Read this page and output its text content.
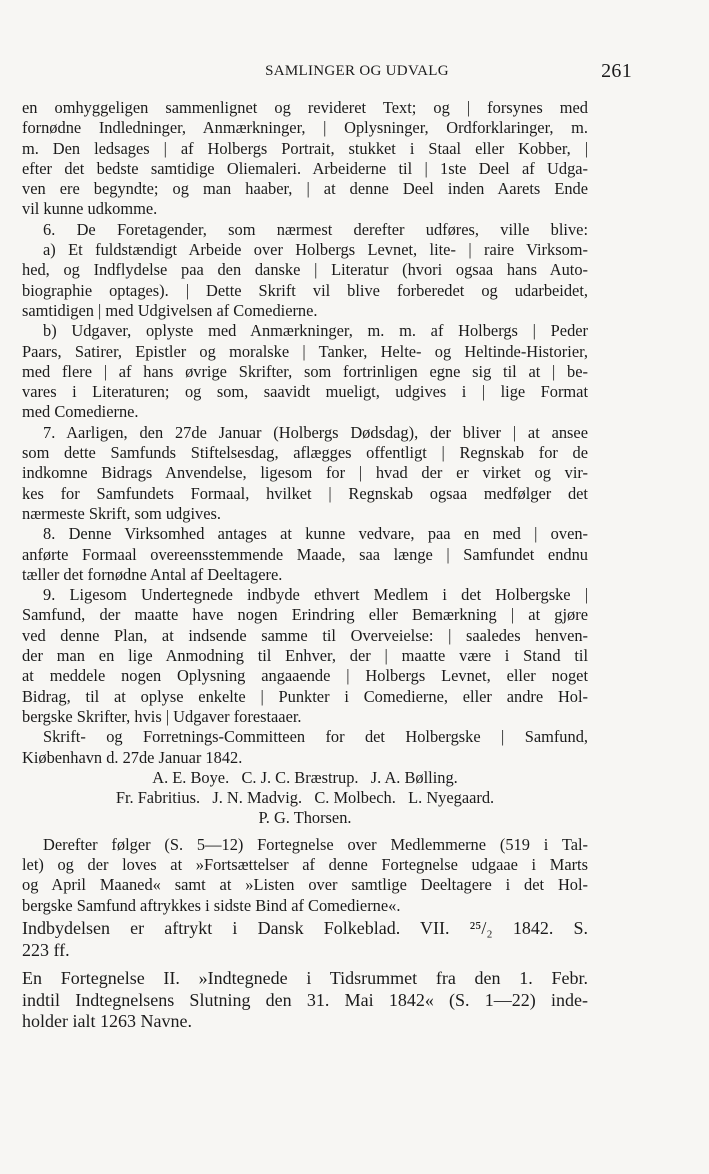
SAMLINGER OG UDVALG	261
en omhyggeligen sammenlignet og revideret Text; og | forsynes med
fornødne Indledninger, Anmærkninger, | Oplysninger, Ordforklaringer, m.
m. Den ledsages | af Holbergs Portrait, stukket i Staal eller Kobber, |
efter det bedste samtidige Oliemaleri. Arbeiderne til | 1ste Deel af Udga-
ven ere begyndte; og man haaber, | at denne Deel inden Aarets Ende
vil kunne udkomme.
6. De Foretagender, som nærmest derefter udføres, ville blive:
a) Et fuldstændigt Arbeide over Holbergs Levnet, lite- | raire Virksom-
hed, og Indflydelse paa den danske | Literatur (hvori ogsaa hans Auto-
biographie optages). | Dette Skrift vil blive forberedet og udarbeidet,
samtidigen | med Udgivelsen af Comedierne.
b) Udgaver, oplyste med Anmærkninger, m. m. af Holbergs | Peder
Paars, Satirer, Epistler og moralske | Tanker, Helte- og Heltinde-Historier,
med flere | af hans øvrige Skrifter, som fortrinligen egne sig til at | be-
vares i Literaturen; og som, saavidt mueligt, udgives i | lige Format
med Comedierne.
7. Aarligen, den 27de Januar (Holbergs Dødsdag), der bliver | at ansee
som dette Samfunds Stiftelsesdag, aflægges offentligt | Regnskab for de
indkomne Bidrags Anvendelse, ligesom for | hvad der er virket og vir-
kes for Samfundets Formaal, hvilket | Regnskab ogsaa medfølger det
nærmeste Skrift, som udgives.
8. Denne Virksomhed antages at kunne vedvare, paa en med | oven-
anførte Formaal overeensstemmende Maade, saa længe | Samfundet endnu
tæller det fornødne Antal af Deeltagere.
9. Ligesom Undertegnede indbyde ethvert Medlem i det Holbergske |
Samfund, der maatte have nogen Erindring eller Bemærkning | at gjøre
ved denne Plan, at indsende samme til Overveielse: | saaledes henven-
der man en lige Anmodning til Enhver, der | maatte være i Stand til
at meddele nogen Oplysning angaaende | Holbergs Levnet, eller noget
Bidrag, til at oplyse enkelte | Punkter i Comedierne, eller andre Hol-
bergske Skrifter, hvis | Udgaver forestaaer.
Skrift- og Forretnings-Committeen for det Holbergske | Samfund,
Kiøbenhavn d. 27de Januar 1842.
A. E. Boye.   C. J. C. Bræstrup.   J. A. Bølling.
Fr. Fabritius.   J. N. Madvig.   C. Molbech.   L. Nyegaard.
P. G. Thorsen.
Derefter følger (S. 5—12) Fortegnelse over Medlemmerne (519 i Tal-
let) og der loves at »Fortsættelser af denne Fortegnelse udgaae i Marts
og April Maaned« samt at »Listen over samtlige Deeltagere i det Hol-
bergske Samfund aftrykkes i sidste Bind af Comedierne«.
Indbydelsen er aftrykt i Dansk Folkeblad. VII. ²⁵/₂ 1842. S.
223 ff.
En Fortegnelse II. »Indtegnede i Tidsrummet fra den 1. Febr.
indtil Indtegnelsens Slutning den 31. Mai 1842« (S. 1—22) inde-
holder ialt 1263 Navne.
